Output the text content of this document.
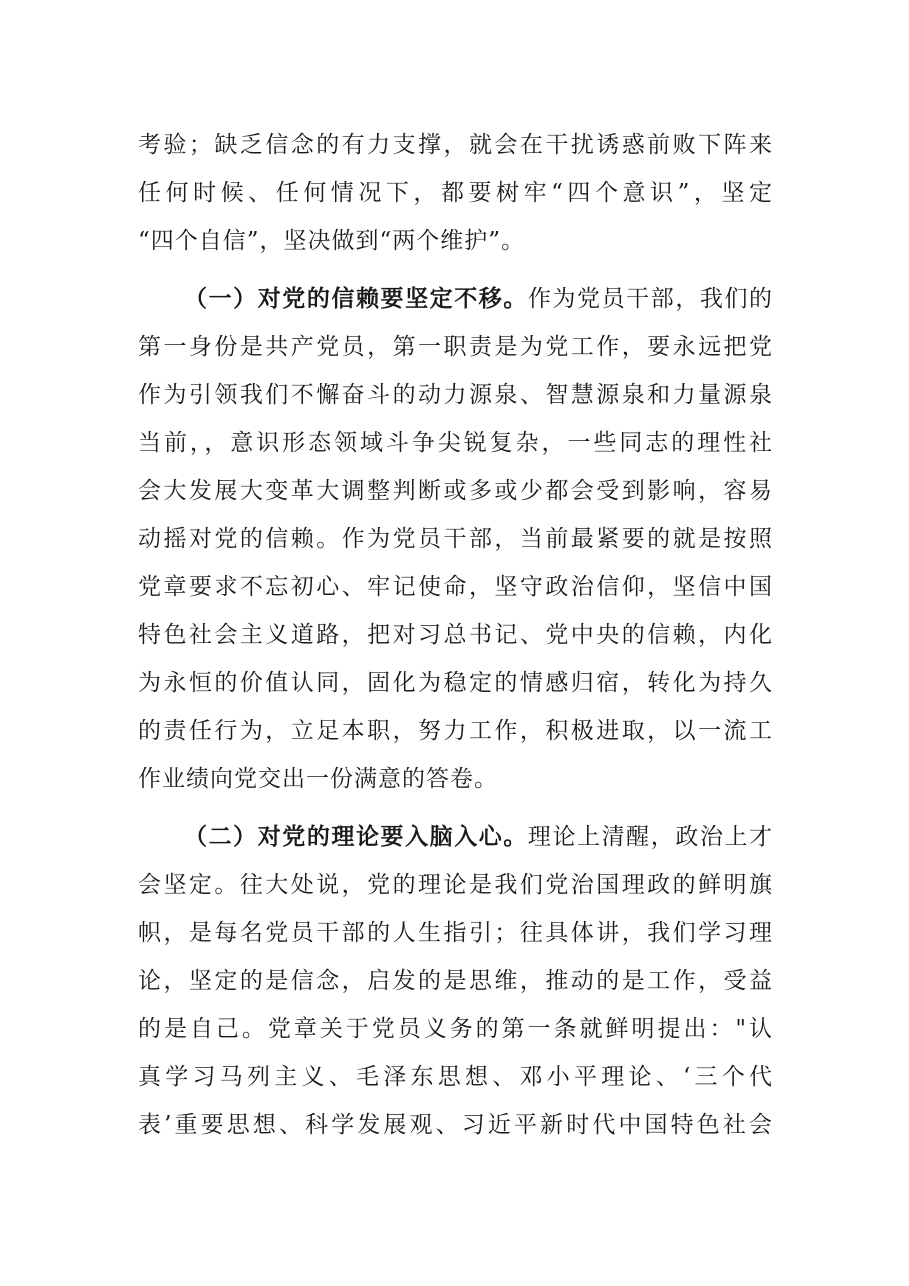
考验；缺乏信念的有力支撑，就会在干扰诱惑前败下阵来
任何时候、任何情况下，都要树牢“四个意识”，坚定
“四个自信”，坚决做到“两个维护”。
（一）对党的信赖要坚定不移。作为党员干部，我们的
第一身份是共产党员，第一职责是为党工作，要永远把党
作为引领我们不懈奋斗的动力源泉、智慧源泉和力量源泉
当前，，意识形态领域斗争尖锐复杂，一些同志的理性社
会大发展大变革大调整判断或多或少都会受到影响，容易
动摇对党的信赖。作为党员干部，当前最紧要的就是按照
党章要求不忘初心、牢记使命，坚守政治信仰，坚信中国
特色社会主义道路，把对习总书记、党中央的信赖，内化
为永恒的价值认同，固化为稳定的情感归宿，转化为持久
的责任行为，立足本职，努力工作，积极进取，以一流工
作业绩向党交出一份满意的答卷。
（二）对党的理论要入脑入心。理论上清醒，政治上才
会坚定。往大处说，党的理论是我们党治国理政的鲜明旗
帜，是每名党员干部的人生指引；往具体讲，我们学习理
论，坚定的是信念，启发的是思维，推动的是工作，受益
的是自己。党章关于党员义务的第一条就鲜明提出："认
真学习马列主义、毛泽东思想、邓小平理论、‘三个代
表’重要思想、科学发展观、习近平新时代中国特色社会
